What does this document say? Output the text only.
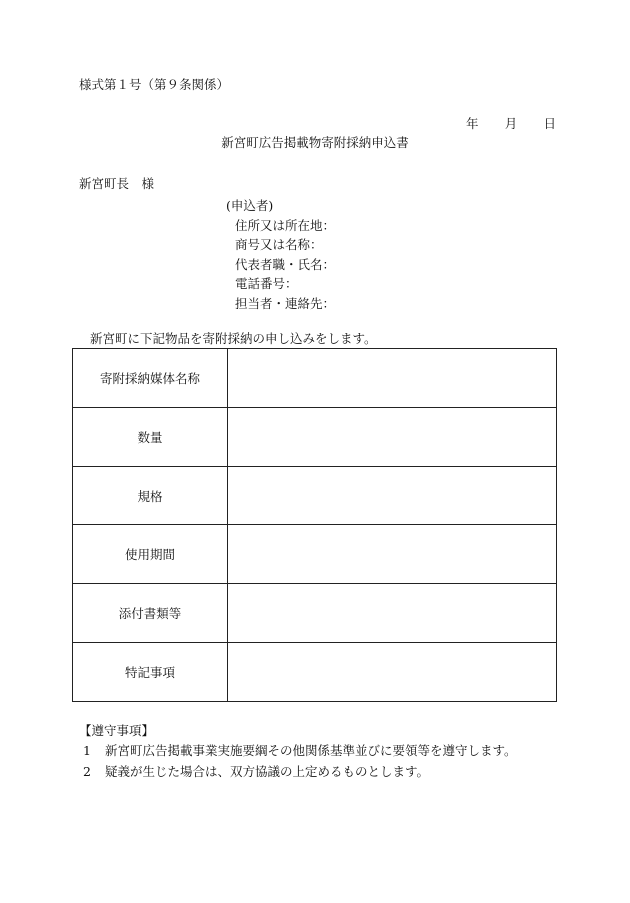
様式第１号（第９条関係）
年 月 日
新宮町広告掲載物寄附採納申込書
新宮町長　様
(申込者)
住所又は所在地：
商号又は名称：
代表者職・氏名：
電話番号：
担当者・連絡先：
新宮町に下記物品を寄附採納の申し込みをします。
寄附採納媒体名称	
数量	
規格	
使用期間	
添付書類等	
特記事項	
【遵守事項】
1 新宮町広告掲載事業実施要綱その他関係基準並びに要領等を遵守します。
2 疑義が生じた場合は、双方協議の上定めるものとします。
